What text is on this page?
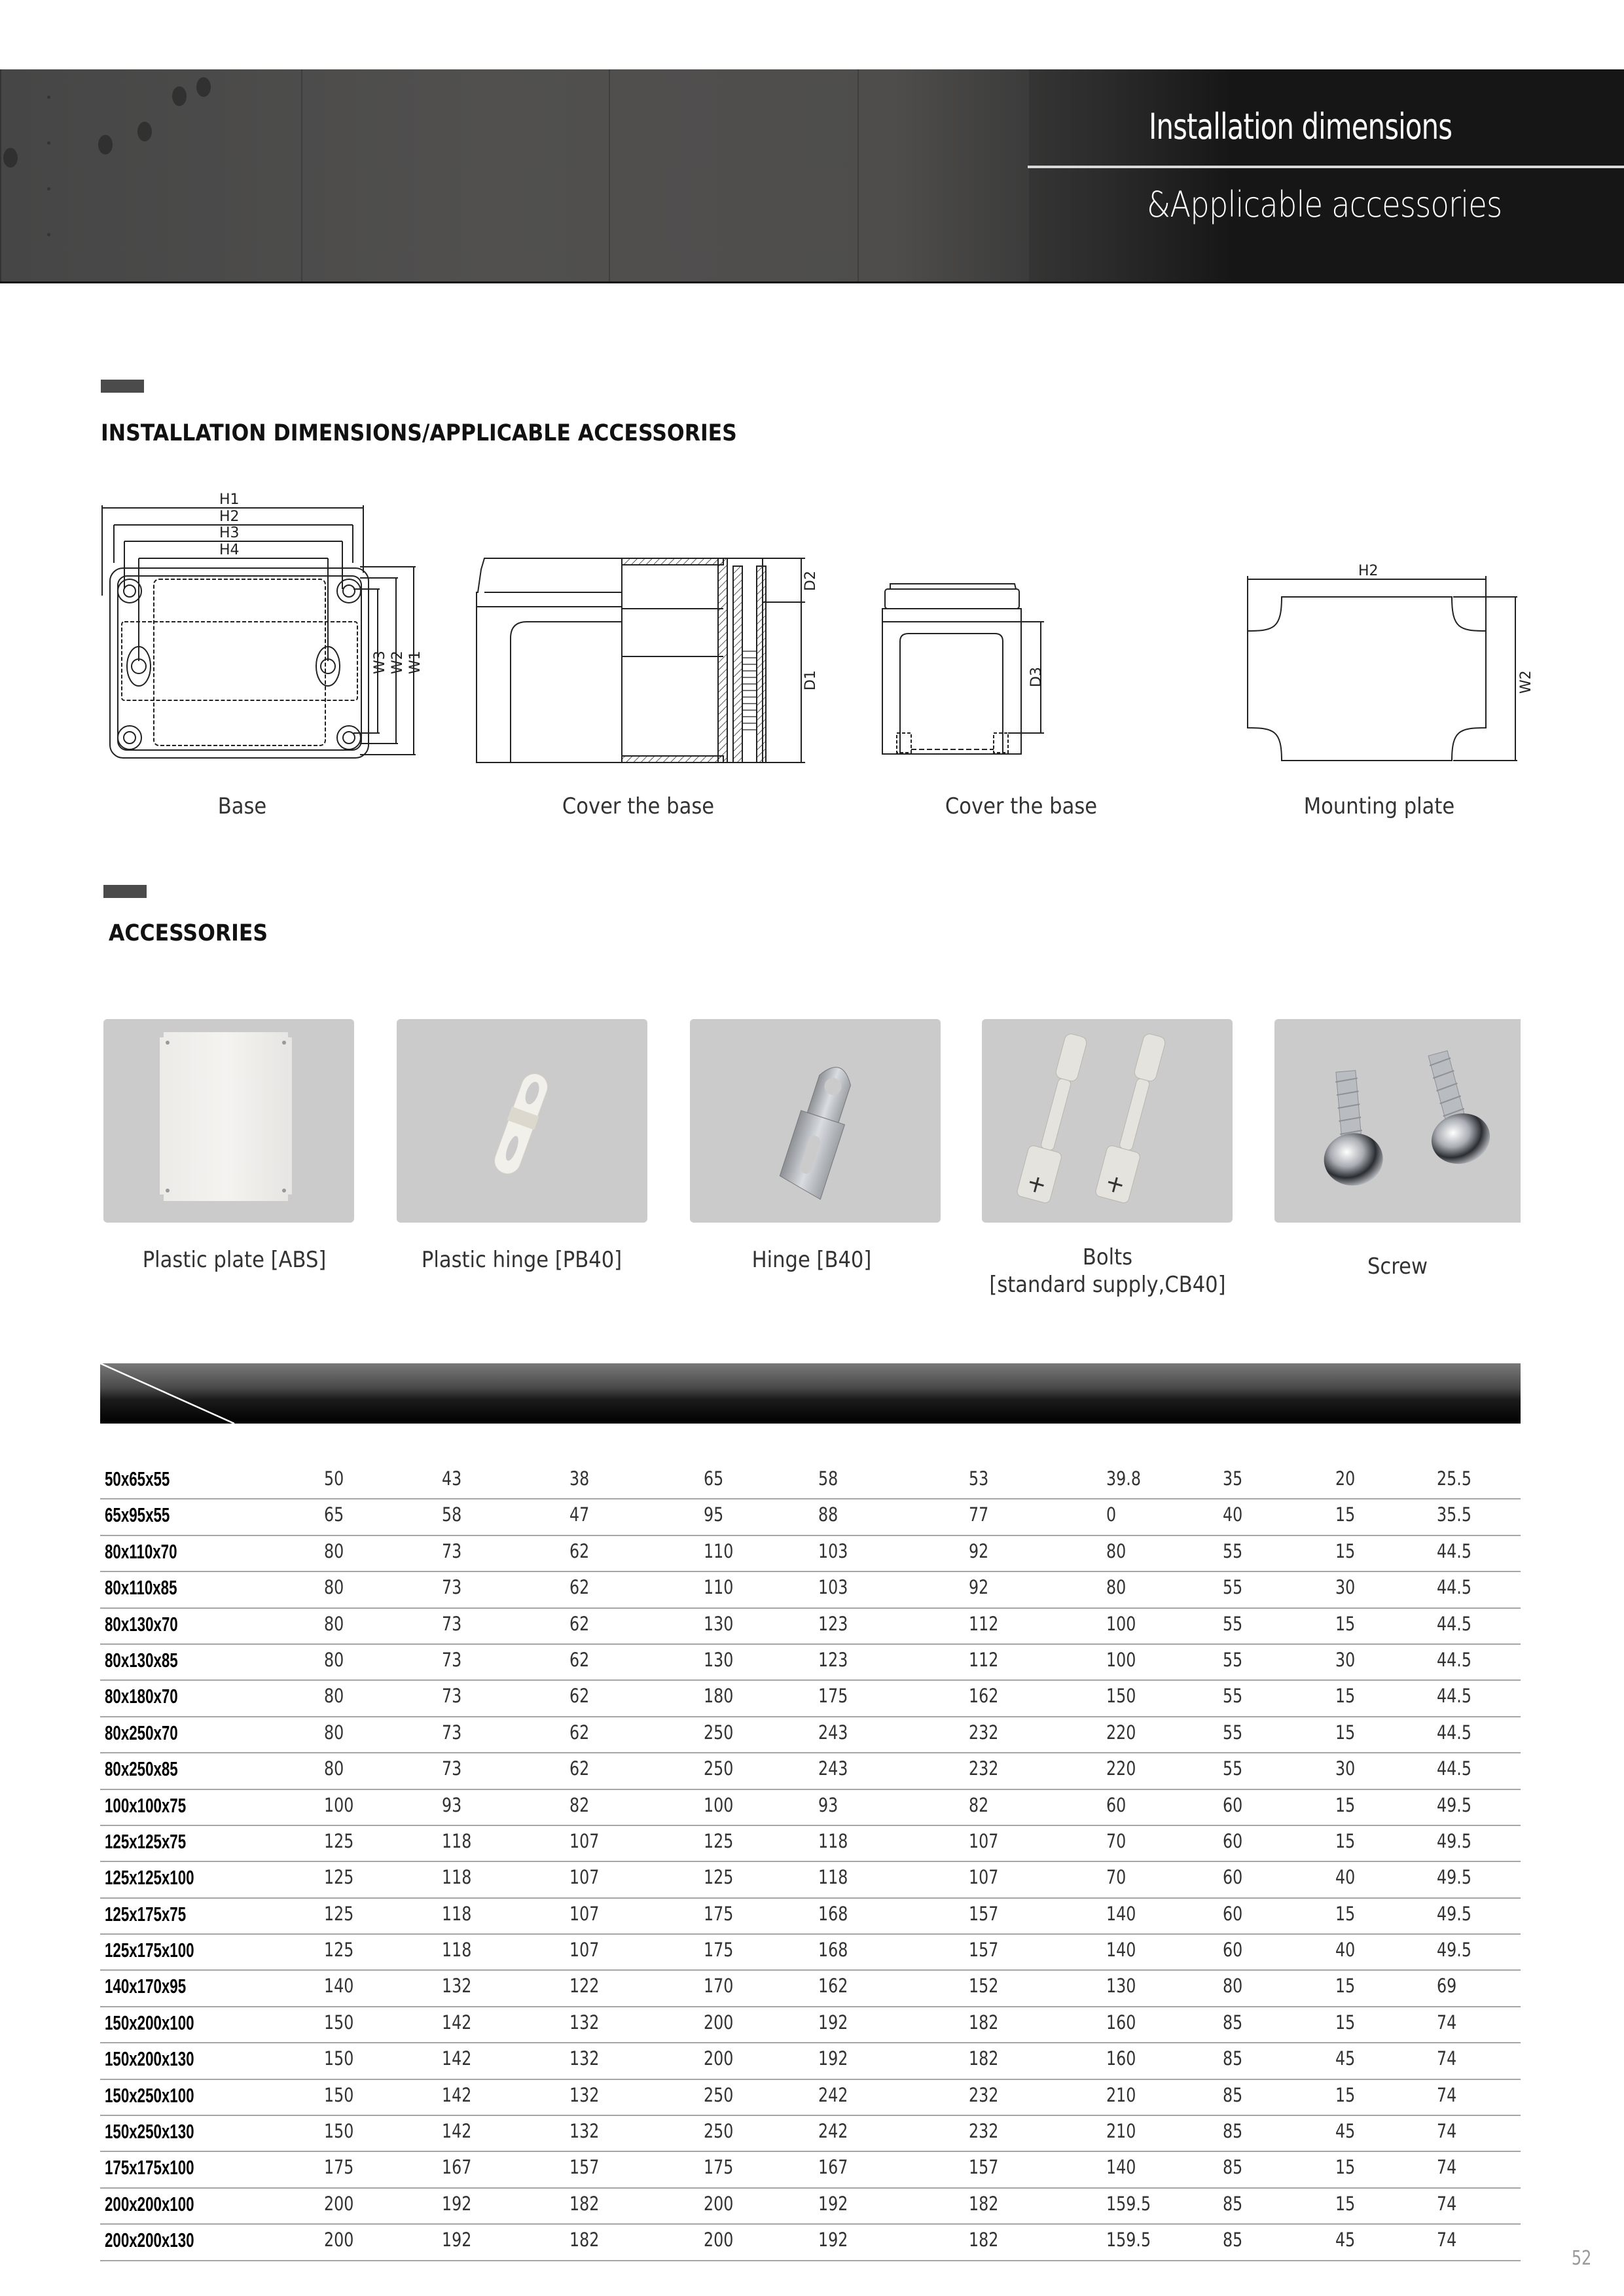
Installation dimensions
&Applicable accessories
INSTALLATION DIMENSIONS/APPLICABLE ACCESSORIES
H1
H2
H3
H4
W3 W2 W1
Base
D2
D1
Cover the base
D3
Cover the base
H2
W2
Mounting plate
ACCESSORIES
Plastic plate [ABS]	Plastic hinge [PB40]	Hinge [B40]	Bolts
[standard supply,CB40]
Screw
50x65x55	50	43	38	65	58	53	39.8	35	20	25.5
65x95x55	65	58	47	95	88	77	0	40	15	35.5
80x110x70	80	73	62	110	103	92	80	55	15	44.5
80x110x85	80	73	62	110	103	92	80	55	30	44.5
80x130x70	80	73	62	130	123	112	100	55	15	44.5
80x130x85	80	73	62	130	123	112	100	55	30	44.5
80x180x70	80	73	62	180	175	162	150	55	15	44.5
80x250x70	80	73	62	250	243	232	220	55	15	44.5
80x250x85	80	73	62	250	243	232	220	55	30	44.5
100x100x75	100	93	82	100	93	82	60	60	15	49.5
125x125x75	125	118	107	125	118	107	70	60	15	49.5
125x125x100	125	118	107	125	118	107	70	60	40	49.5
125x175x75	125	118	107	175	168	157	140	60	15	49.5
125x175x100	125	118	107	175	168	157	140	60	40	49.5
140x170x95	140	132	122	170	162	152	130	80	15	69
150x200x100	150	142	132	200	192	182	160	85	15	74
150x200x130	150	142	132	200	192	182	160	85	45	74
150x250x100	150	142	132	250	242	232	210	85	15	74
150x250x130	150	142	132	250	242	232	210	85	45	74
175x175x100	175	167	157	175	167	157	140	85	15	74
200x200x100	200	192	182	200	192	182	159.5	85	15	74
200x200x130	200	192	182	200	192	182	159.5	85	45	74
52
